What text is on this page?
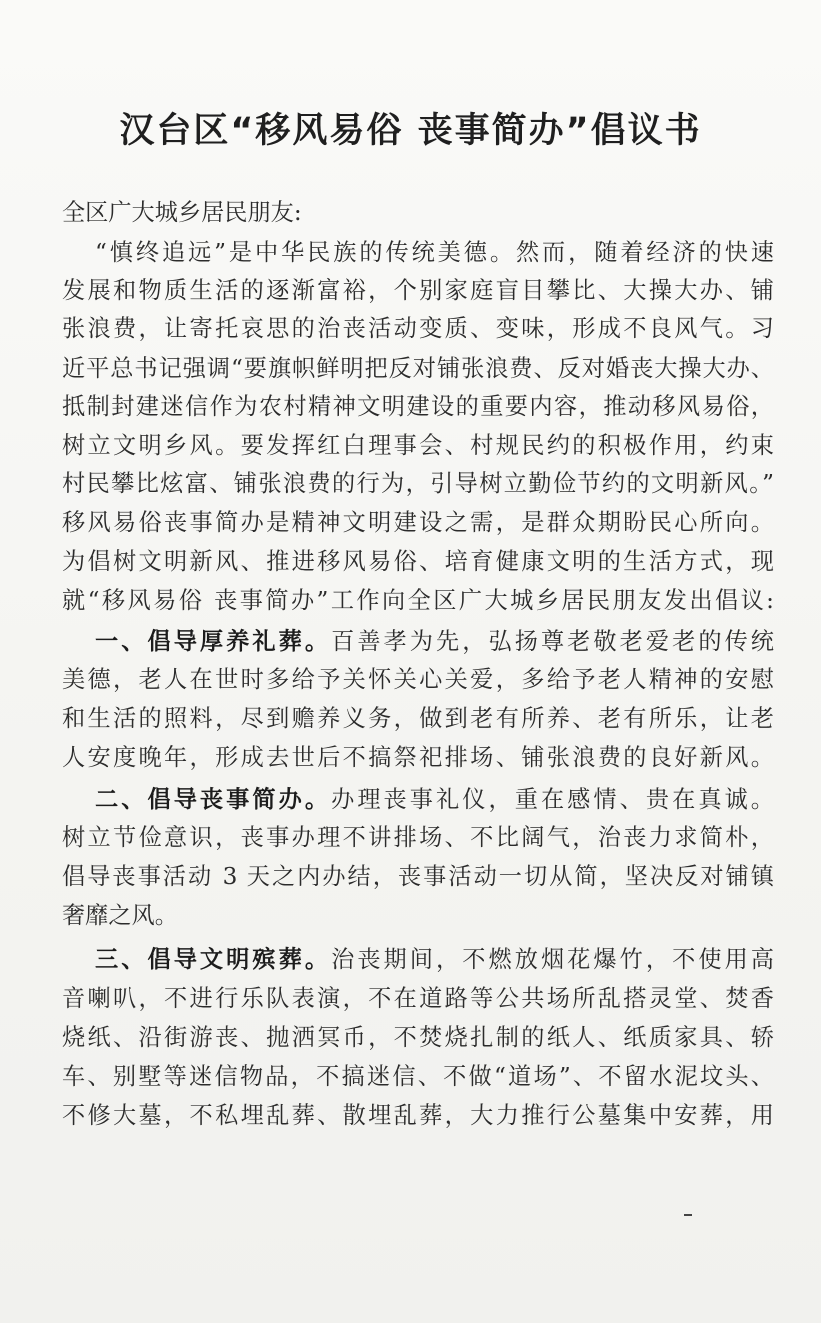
汉台区“移风易俗 丧事简办”倡议书
全区广大城乡居民朋友:
“慎终追远”是中华民族的传统美德。然而，随着经济的快速
发展和物质生活的逐渐富裕，个别家庭盲目攀比、大操大办、铺
张浪费，让寄托哀思的治丧活动变质、变味，形成不良风气。习
近平总书记强调“要旗帜鲜明把反对铺张浪费、反对婚丧大操大办、
抵制封建迷信作为农村精神文明建设的重要内容，推动移风易俗，
树立文明乡风。要发挥红白理事会、村规民约的积极作用，约束
村民攀比炫富、铺张浪费的行为，引导树立勤俭节约的文明新风。”
移风易俗丧事简办是精神文明建设之需，是群众期盼民心所向。
为倡树文明新风、推进移风易俗、培育健康文明的生活方式，现
就“移风易俗 丧事简办”工作向全区广大城乡居民朋友发出倡议:
一、倡导厚养礼葬。百善孝为先，弘扬尊老敬老爱老的传统
美德，老人在世时多给予关怀关心关爱，多给予老人精神的安慰
和生活的照料，尽到赡养义务，做到老有所养、老有所乐，让老
人安度晚年，形成去世后不搞祭祀排场、铺张浪费的良好新风。
二、倡导丧事简办。办理丧事礼仪，重在感情、贵在真诚。
树立节俭意识，丧事办理不讲排场、不比阔气，治丧力求简朴，
倡导丧事活动 3 天之内办结，丧事活动一切从简，坚决反对铺镇
奢靡之风。
三、倡导文明殡葬。治丧期间，不燃放烟花爆竹，不使用高
音喇叭，不进行乐队表演，不在道路等公共场所乱搭灵堂、焚香
烧纸、沿街游丧、抛洒冥币，不焚烧扎制的纸人、纸质家具、轿
车、别墅等迷信物品，不搞迷信、不做“道场”、不留水泥坟头、
不修大墓，不私埋乱葬、散埋乱葬，大力推行公墓集中安葬，用
